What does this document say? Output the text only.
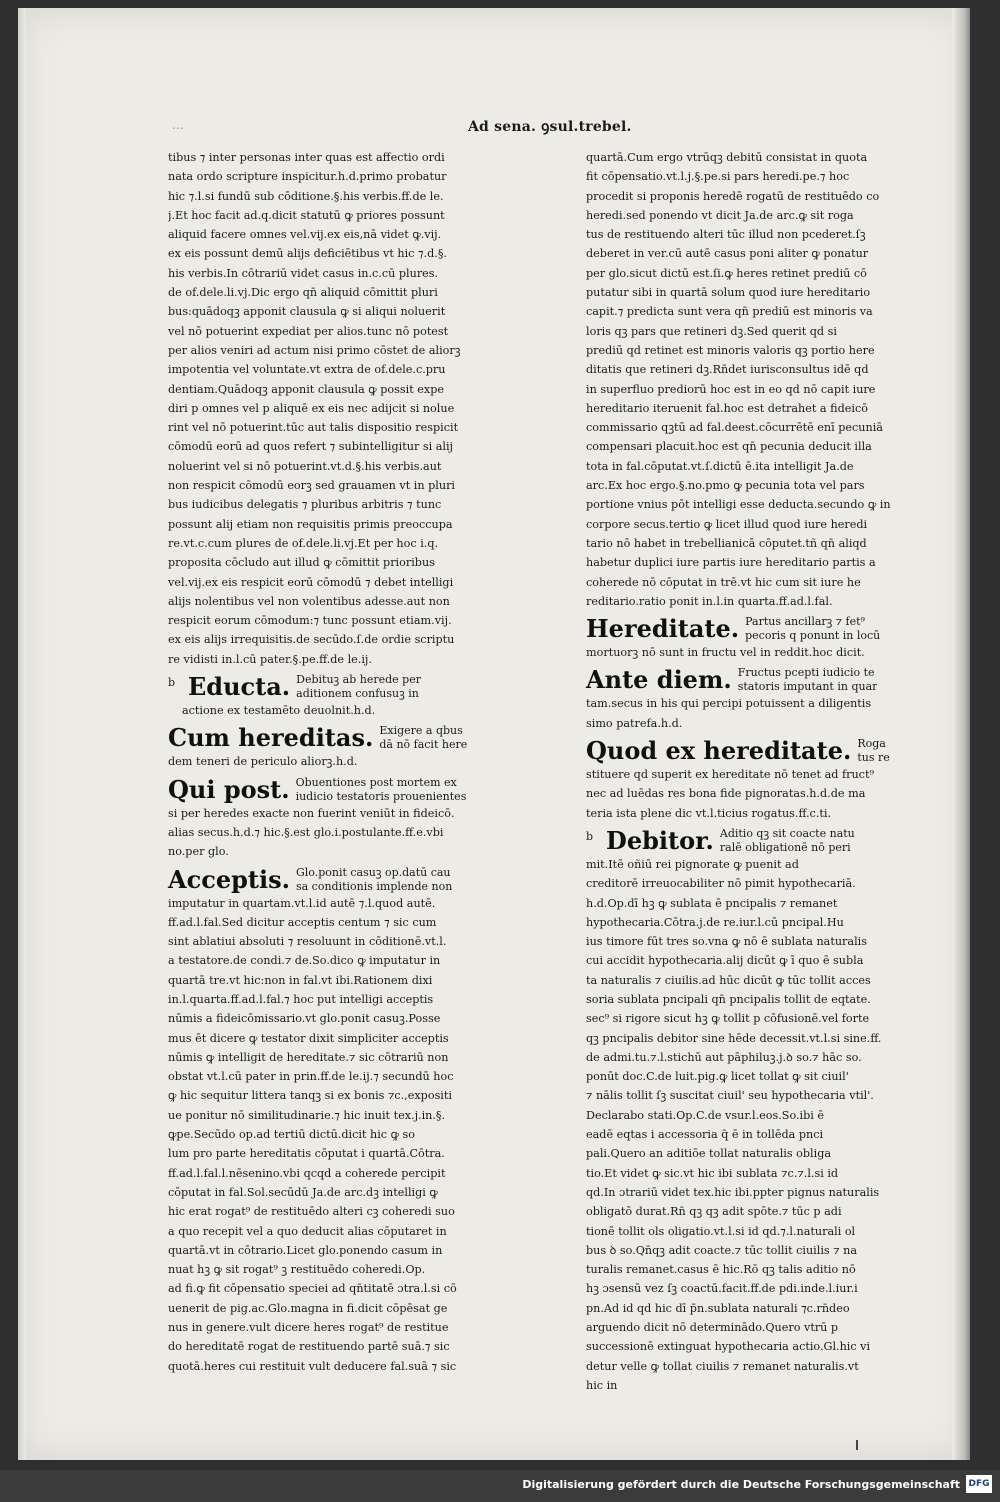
...	Ad sena. ꝯsul.trebel.
tibus ⁊ inter personas inter quas est affectio ordi
nata ordo scripture inspicitur.h.d.primo probatur
hic ⁊.l.si fundū sub cōditione.§.his verbis.ff.de le.
j.Et hoc facit ad.q.dicit statutū ꝙ priores possunt
aliquid facere omnes vel.vij.ex eis,nā videt ꝙ.vij.
ex eis possunt demū alijs deficiētibus vt hic ⁊.d.§.
his verbis.In cōtrariū videt casus in.c.cū plures.
de of.dele.li.vj.Dic ergo qn̄ aliquid cōmittit pluri
bus:quādoqꝫ apponit clausula ꝙ si aliqui noluerit
vel nō potuerint expediat per alios.tunc nō potest
per alios veniri ad actum nisi primo cōstet de aliorꝫ
impotentia vel voluntate.vt extra de of.dele.c.pru
dentiam.Quādoqꝫ apponit clausula ꝙ possit expe
diri p omnes vel p aliquē ex eis nec adijcit si nolue
rint vel nō potuerint.tūc aut talis dispositio respicit
cōmodū eorū ad quos refert ⁊ subintelligitur si alij
noluerint vel si nō potuerint.vt.d.§.his verbis.aut
non respicit cōmodū eorꝫ sed grauamen vt in pluri
bus iudicibus delegatis ⁊ pluribus arbitris ⁊ tunc
possunt alij etiam non requisitis primis preoccupa
re.vt.c.cum plures de of.dele.li.vj.Et per hoc i.q.
proposita cōcludo aut illud ꝙ cōmittit prioribus
vel.vij.ex eis respicit eorū cōmodū ⁊ debet intelligi
alijs nolentibus vel non volentibus adesse.aut non
respicit eorum cōmodum:⁊ tunc possunt etiam.vij.
ex eis alijs irrequisitis.de secūdo.ſ.de ordie scriptu
re vidisti in.l.cū pater.§.pe.ff.de le.ij.
b Educta. Debituꝫ ab herede per
aditionem confusuꝫ in
actione ex testamēto deuolnit.h.d.
Cum hereditas. Exigere a qbus
dā nō facit here
dem teneri de periculo aliorꝫ.h.d.
Qui post. Obuentiones post mortem ex
iudicio testatoris prouenientes
si per heredes exacte non fuerint veniūt in fideicō.
alias secus.h.d.⁊ hic.§.est glo.i.postulante.ff.e.vbi
no.per glo.
Acceptis. Glo.ponit casuꝫ op.datū cau
sa conditionis implende non
imputatur in quartam.vt.l.id autē ⁊.l.quod autē.
ff.ad.l.fal.Sed dicitur acceptis centum ⁊ sic cum
sint ablatiui absoluti ⁊ resoluunt in cōditionē.vt.l.
a testatore.de condi.⁊ de.So.dico ꝙ imputatur in
quartā tre.vt hic:non in fal.vt ibi.Rationem dixi
in.l.quarta.ff.ad.l.fal.⁊ hoc put intelligi acceptis
nūmis a fideicōmissario.vt glo.ponit casuꝫ.Posse
mus ēt dicere ꝙ testator dixit simpliciter acceptis
nūmis ꝙ intelligit de hereditate.⁊ sic cōtrariū non
obstat vt.l.cū pater in prin.ff.de le.ij.⁊ secundū hoc
ꝙ hic sequitur littera tanqꝫ si ex bonis ⁊c.,expositi
ue ponitur nō similitudinarie.⁊ hic inuit tex.j.in.§.
ꝙpe.Secūdo op.ad tertiū dictū.dicit hic ꝙ so
lum pro parte hereditatis cōputat i quartā.Cōtra.
ff.ad.l.fal.l.nēsenino.vbi qcqd a coherede percipit
cōputat in fal.Sol.secūdū Ja.de arc.dꝫ intelligi ꝙ
hic erat rogat⁹ de restituēdo alteri cꝫ coheredi suo
a quo recepit vel a quo deducit alias cōputaret in
quartā.vt in cōtrario.Licet glo.ponendo casum in
nuat hꝫ ꝙ sit rogat⁹ ꝫ restituēdo coheredi.Op.
ad fi.ꝙ fit cōpensatio speciei ad qn̄titatē ɔtra.l.si cō
uenerit de pig.ac.Glo.magna in fi.dicit cōpēsat ge
nus in genere.vult dicere heres rogat⁹ de restitue
do hereditatē rogat de restituendo partē suā.⁊ sic
quotā.heres cui restituit vult deducere fal.suā ⁊ sic
quartā.Cum ergo vtrūqꝫ debitū consistat in quota
fit cōpensatio.vt.l.j.§.pe.si pars heredi.pe.⁊ hoc
procedit si proponis heredē rogatū de restituēdo co
heredi.sed ponendo vt dicit Ja.de arc.ꝙ sit roga
tus de restituendo alteri tūc illud non pcederet.ſꝫ
deberet in ver.cū autē casus poni aliter ꝙ ponatur
per glo.sicut dictū est.ſi.ꝙ heres retinet prediū cō
putatur sibi in quartā solum quod iure hereditario
capit.⁊ predicta sunt vera qn̄ prediū est minoris va
loris qꝫ pars que retineri dꝫ.Sed querit qd si
prediū qd retinet est minoris valoris qꝫ portio here
ditatis que retineri dꝫ.Rn̄det iurisconsultus idē qd
in superfluo prediorū hoc est in eo qd nō capit iure
hereditario iteruenit fal.hoc est detrahet a fideicō
commissario qꝫtū ad fal.deest.cōcurrētē enī pecuniā
compensari placuit.hoc est qn̄ pecunia deducit illa
tota in fal.cōputat.vt.ſ.dictū ē.ita intelligit Ja.de
arc.Ex hoc ergo.§.no.pmo ꝙ pecunia tota vel pars
portione vnius pōt intelligi esse deducta.secundo ꝙ in
corpore secus.tertio ꝙ licet illud quod iure heredi
tario nō habet in trebellianicā cōputet.tñ qn̄ aliqd
habetur duplici iure partis iure hereditario partis a
coherede nō cōputat in trē.vt hic cum sit iure he
reditario.ratio ponit in.l.in quarta.ff.ad.l.fal.
Hereditate. Partus ancillarꝫ ⁊ fet⁹
pecoris q ponunt in locū
mortuorꝫ nō sunt in fructu vel in reddit.hoc dicit.
Ante diem. Fructus pcepti iudicio te
statoris imputant in quar
tam.secus in his qui percipi potuissent a diligentis
simo patrefa.h.d.
Quod ex hereditate. Roga
tus re
stituere qd superit ex hereditate nō tenet ad fruct⁹
nec ad luēdas res bona fide pignoratas.h.d.de ma
teria ista plene dic vt.l.ticius rogatus.ff.c.ti.
b Debitor. Aditio qꝫ sit coacte natu
ralē obligationē nō peri
mit.Itē oñiū rei pignorate ꝙ puenit ad
creditorē irreuocabiliter nō pimit hypothecariā.
h.d.Op.dī hꝫ ꝙ sublata ē pncipalis ⁊ remanet
hypothecaria.Cōtra.j.de re.iur.l.cū pncipal.Hu
ius timore fūt tres so.vna ꝙ nō ē sublata naturalis
cui accidit hypothecaria.alij dicūt ꝙ ī quo ē subla
ta naturalis ⁊ ciuilis.ad hūc dicūt ꝙ tūc tollit acces
soria sublata pncipali qn̄ pncipalis tollit de eqtate.
sec⁹ si rigore sicut hꝫ ꝙ tollit p cōfusionē.vel forte
qꝫ pncipalis debitor sine hēde decessit.vt.l.si sine.ff.
de admi.tu.⁊.l.stichū aut pāphiluꝫ.j.ꝺ so.⁊ hāc so.
ponūt doc.C.de luit.pig.ꝙ licet tollat ꝙ sit ciuil'
⁊ nālis tollit ſꝫ suscitat ciuil' seu hypothecaria vtil'.
Declarabo stati.Op.C.de vsur.l.eos.So.ibi ē
eadē eqtas i accessoria q̄ ē in tollēda pnci
pali.Quero an aditiōe tollat naturalis obliga
tio.Et videt ꝙ sic.vt hic ibi sublata ⁊c.⁊.l.si id
qd.In ɔtrariū videt tex.hic ibi.ppter pignus naturalis
obligatō durat.Rn̄ qꝫ qꝫ adit spōte.⁊ tūc p adi
tionē tollit ols oligatio.vt.l.si id qd.⁊.l.naturali ol
bus ꝺ so.Qn̄qꝫ adit coacte.⁊ tūc tollit ciuilis ⁊ na
turalis remanet.casus ē hic.Rō qꝫ talis aditio nō
hꝫ ɔsensū vez ſꝫ coactū.facit.ff.de pdi.inde.l.iur.i
pn.Ad id qd hic dī p̄n.sublata naturali ⁊c.rn̄deo
arguendo dicit nō determinādo.Quero vtrū p
successionē extinguat hypothecaria actio.Gl.hic vi
detur velle ꝙ tollat ciuilis ⁊ remanet naturalis.vt
hic in
Digitalisierung gefördert durch die Deutsche Forschungsgemeinschaft DFG
